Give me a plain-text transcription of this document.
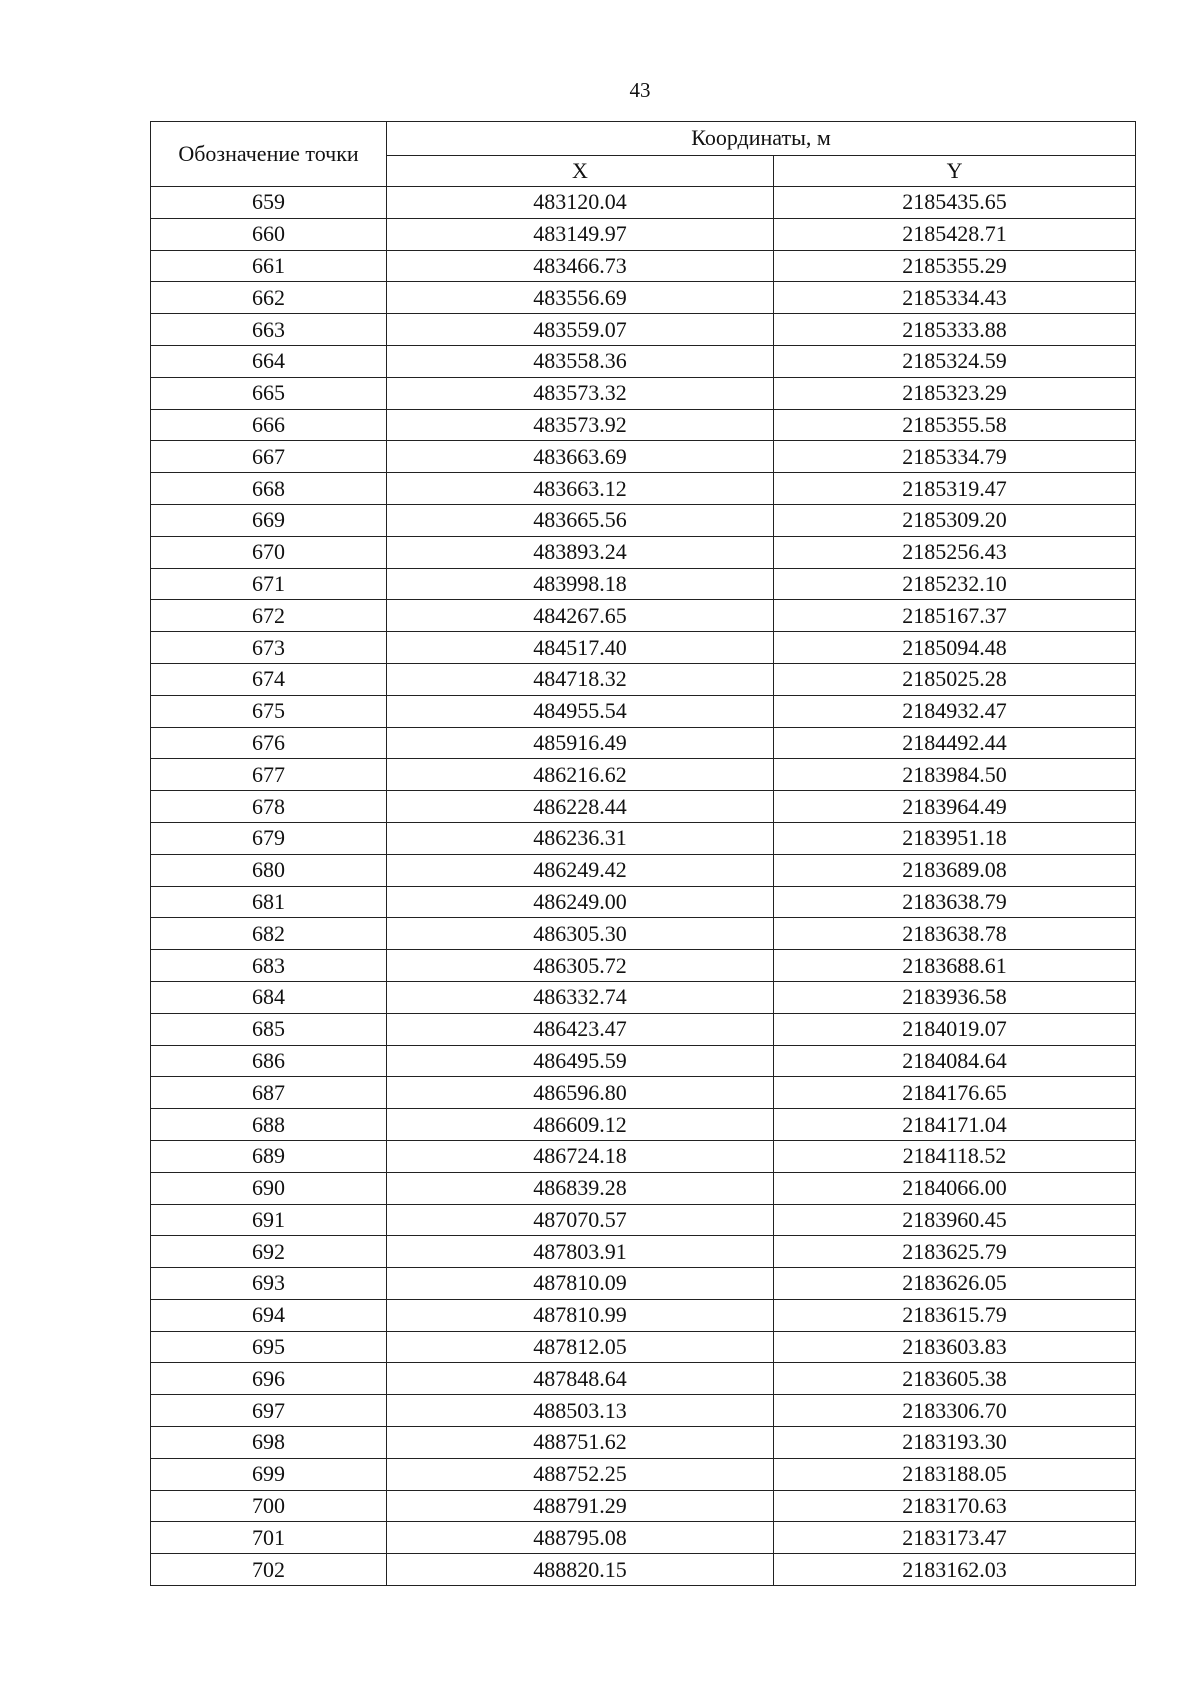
43
Обозначение точки	Координаты, м	
	X	Y
659	483120.04	2185435.65
660	483149.97	2185428.71
661	483466.73	2185355.29
662	483556.69	2185334.43
663	483559.07	2185333.88
664	483558.36	2185324.59
665	483573.32	2185323.29
666	483573.92	2185355.58
667	483663.69	2185334.79
668	483663.12	2185319.47
669	483665.56	2185309.20
670	483893.24	2185256.43
671	483998.18	2185232.10
672	484267.65	2185167.37
673	484517.40	2185094.48
674	484718.32	2185025.28
675	484955.54	2184932.47
676	485916.49	2184492.44
677	486216.62	2183984.50
678	486228.44	2183964.49
679	486236.31	2183951.18
680	486249.42	2183689.08
681	486249.00	2183638.79
682	486305.30	2183638.78
683	486305.72	2183688.61
684	486332.74	2183936.58
685	486423.47	2184019.07
686	486495.59	2184084.64
687	486596.80	2184176.65
688	486609.12	2184171.04
689	486724.18	2184118.52
690	486839.28	2184066.00
691	487070.57	2183960.45
692	487803.91	2183625.79
693	487810.09	2183626.05
694	487810.99	2183615.79
695	487812.05	2183603.83
696	487848.64	2183605.38
697	488503.13	2183306.70
698	488751.62	2183193.30
699	488752.25	2183188.05
700	488791.29	2183170.63
701	488795.08	2183173.47
702	488820.15	2183162.03
